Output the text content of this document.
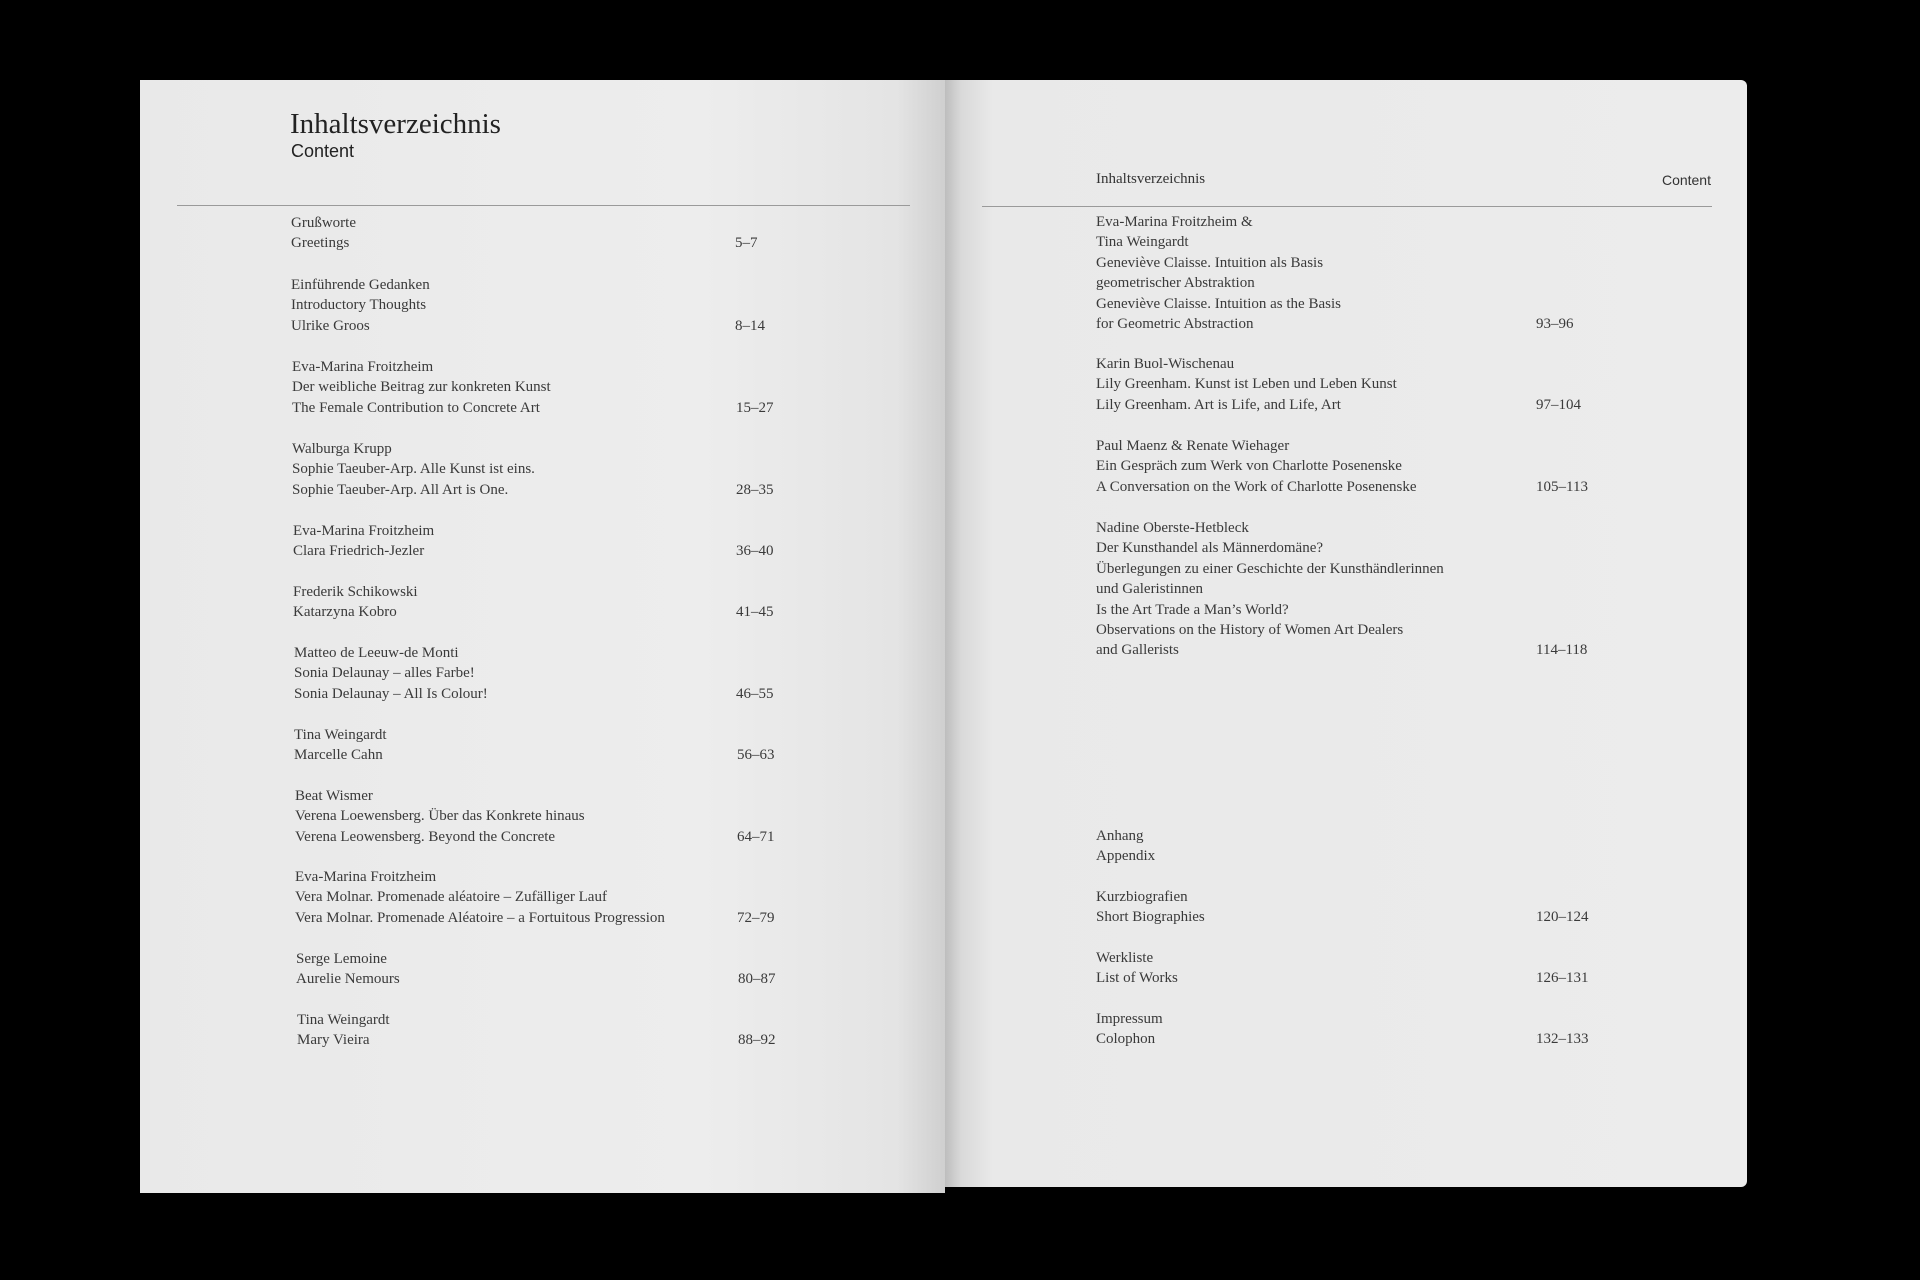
Inhaltsverzeichnis
Content
Inhaltsverzeichnis	Content
Grußworte
Greetings	5–7
Einführende Gedanken
Introductory Thoughts
Ulrike Groos	8–14
Eva-Marina Froitzheim
Der weibliche Beitrag zur konkreten Kunst
The Female Contribution to Concrete Art	15–27
Walburga Krupp
Sophie Taeuber-Arp. Alle Kunst ist eins.
Sophie Taeuber-Arp. All Art is One.	28–35
Eva-Marina Froitzheim
Clara Friedrich-Jezler	36–40
Frederik Schikowski
Katarzyna Kobro	41–45
Matteo de Leeuw-de Monti
Sonia Delaunay – alles Farbe!
Sonia Delaunay – All Is Colour!	46–55
Tina Weingardt
Marcelle Cahn	56–63
Beat Wismer
Verena Loewensberg. Über das Konkrete hinaus
Verena Leowensberg. Beyond the Concrete	64–71
Eva-Marina Froitzheim
Vera Molnar. Promenade aléatoire – Zufälliger Lauf
Vera Molnar. Promenade Aléatoire – a Fortuitous Progression	72–79
Serge Lemoine
Aurelie Nemours	80–87
Tina Weingardt
Mary Vieira	88–92
Eva-Marina Froitzheim &
Tina Weingardt
Geneviève Claisse. Intuition als Basis
geometrischer Abstraktion
Geneviève Claisse. Intuition as the Basis
for Geometric Abstraction	93–96
Karin Buol-Wischenau
Lily Greenham. Kunst ist Leben und Leben Kunst
Lily Greenham. Art is Life, and Life, Art	97–104
Paul Maenz & Renate Wiehager
Ein Gespräch zum Werk von Charlotte Posenenske
A Conversation on the Work of Charlotte Posenenske	105–113
Nadine Oberste-Hetbleck
Der Kunsthandel als Männerdomäne?
Überlegungen zu einer Geschichte der Kunsthändlerinnen
und Galeristinnen
Is the Art Trade a Man’s World?
Observations on the History of Women Art Dealers
and Gallerists	114–118
Anhang
Appendix
Kurzbiografien
Short Biographies	120–124
Werkliste
List of Works	126–131
Impressum
Colophon	132–133
